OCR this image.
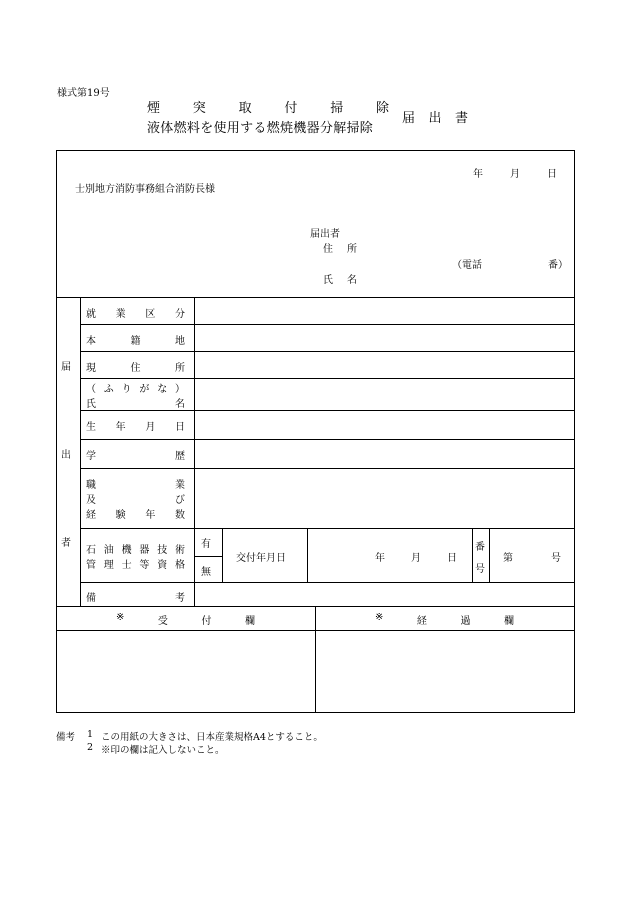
様式第19号
煙	突	取	付	掃	除
液体燃料を使用する燃焼機器分解掃除
届 出 書
年	月	日
士別地方消防事務組合消防長様
届出者
住 所
（電話	番）
氏 名
届
出
者
就 業 区 分
本	籍	地
現	住	所
（ ふ り が な ）
氏	名
生 年 月 日
学	歴
職	業
及	び
経 験 年 数
石 油 機 器 技 術
管 理 士 等 資 格
有
無
交付年月日	年	月	日
番
号
第	号
備	考
※	受	付	欄	※	経	過	欄
備考 1 この用紙の大きさは、日本産業規格A4とすること。
2 ※印の欄は記入しないこと。
